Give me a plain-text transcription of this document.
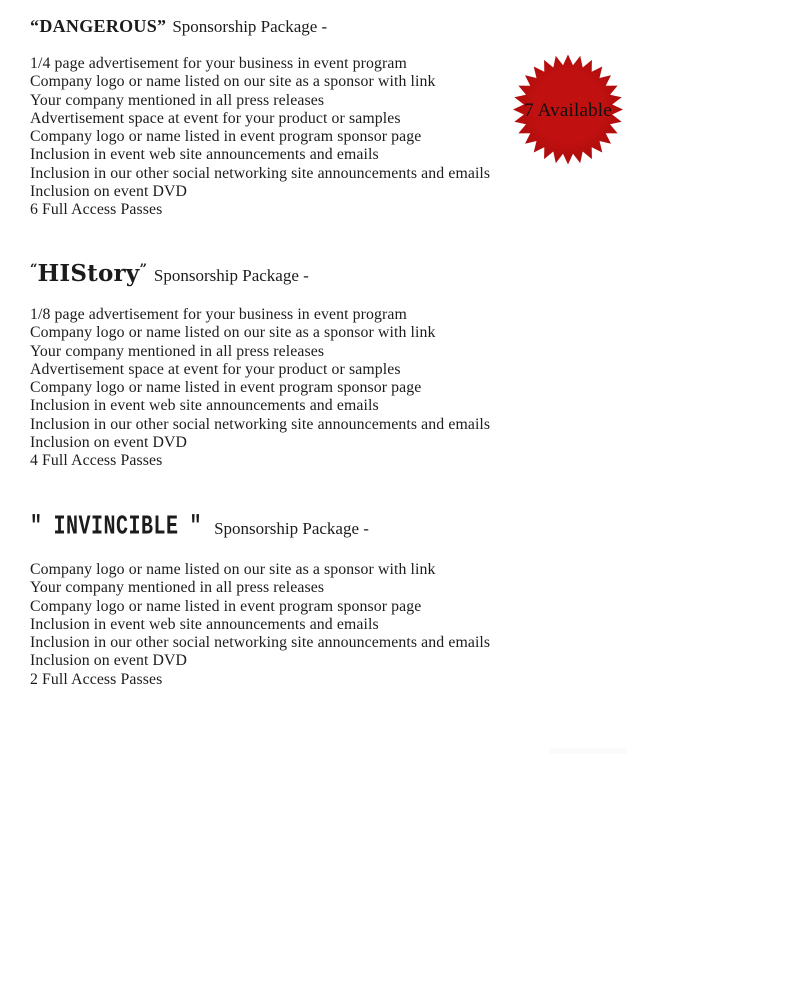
“DANGEROUS” Sponsorship Package -
1/4 page advertisement for your business in event program
Company logo or name listed on our site as a sponsor with link
Your company mentioned in all press releases
Advertisement space at event for your product or samples
Company logo or name listed in event program sponsor page
Inclusion in event web site announcements and emails
Inclusion in our other social networking site announcements and emails
Inclusion on event DVD
6 Full Access Passes
7 Available
“HIStory” Sponsorship Package -
1/8 page advertisement for your business in event program
Company logo or name listed on our site as a sponsor with link
Your company mentioned in all press releases
Advertisement space at event for your product or samples
Company logo or name listed in event program sponsor page
Inclusion in event web site announcements and emails
Inclusion in our other social networking site announcements and emails
Inclusion on event DVD
4 Full Access Passes
" INVINCIBLE " Sponsorship Package -
Company logo or name listed on our site as a sponsor with link
Your company mentioned in all press releases
Company logo or name listed in event program sponsor page
Inclusion in event web site announcements and emails
Inclusion in our other social networking site announcements and emails
Inclusion on event DVD
2 Full Access Passes
